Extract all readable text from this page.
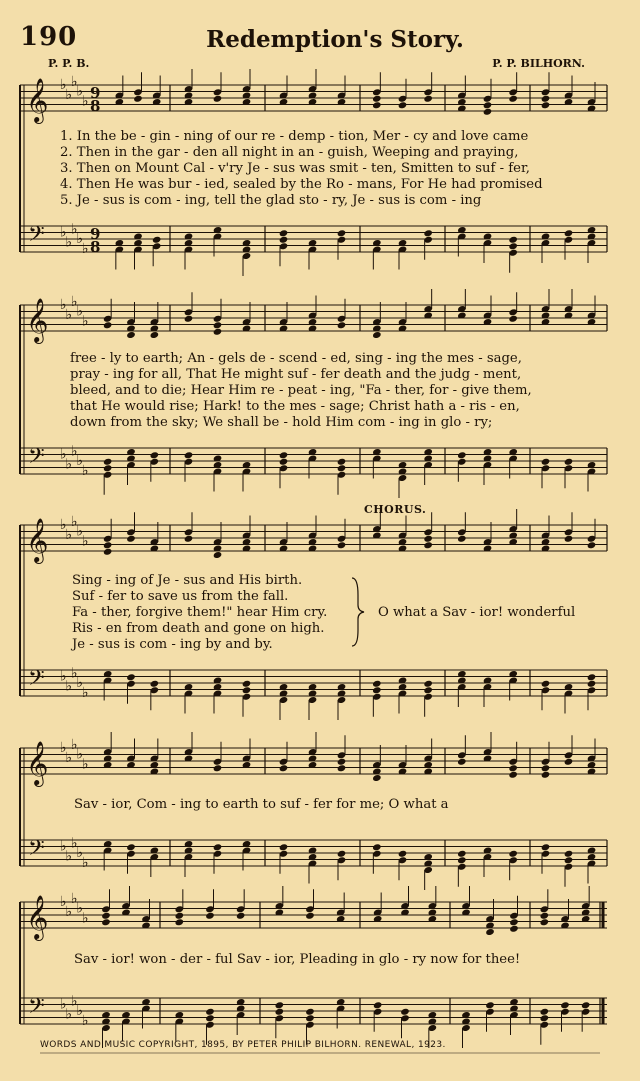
190	Redemption's Story.
P. P. B.	P. P. BILHORN.
𝄞
𝄢
♭
♭
♭
♭
♭
♭
♭
♭
♭
♭
9
8
9
8
𝄞
𝄢
♭
♭
♭
♭
♭
♭
♭
♭
♭
♭
𝄞
𝄢
♭
♭
♭
♭
♭
♭
♭
♭
♭
♭
𝄞
𝄢
♭
♭
♭
♭
♭
♭
♭
♭
♭
♭
𝄞
𝄢
♭
♭
♭
♭
♭
♭
♭
♭
♭
♭
1. In the be - gin - ning of our re - demp - tion, Mer - cy and love came
2. Then in the gar - den all night in an - guish, Weeping and praying,
3. Then on Mount Cal - v'ry Je - sus was smit - ten, Smitten to suf - fer,
4. Then He was bur - ied, sealed by the Ro - mans, For He had promised
5. Je - sus is com - ing, tell the glad sto - ry, Je - sus is com - ing
free - ly to earth; An - gels de - scend - ed, sing - ing the mes - sage,
pray - ing for all, That He might suf - fer death and the judg - ment,
bleed, and to die; Hear Him re - peat - ing, "Fa - ther, for - give them,
that He would rise; Hark! to the mes - sage; Christ hath a - ris - en,
down from the sky; We shall be - hold Him com - ing in glo - ry;
CHORUS.
Sing - ing of Je - sus and His birth.
Suf - fer to save us from the fall.
Fa - ther, forgive them!" hear Him cry.
Ris - en from death and gone on high.
Je - sus is com - ing by and by.
O what a Sav - ior! wonderful
Sav - ior, Com - ing to earth to suf - fer for me; O what a
Sav - ior! won - der - ful Sav - ior, Pleading in glo - ry now for thee!
WORDS AND MUSIC COPYRIGHT, 1895, BY PETER PHILIP BILHORN. RENEWAL, 1923.
